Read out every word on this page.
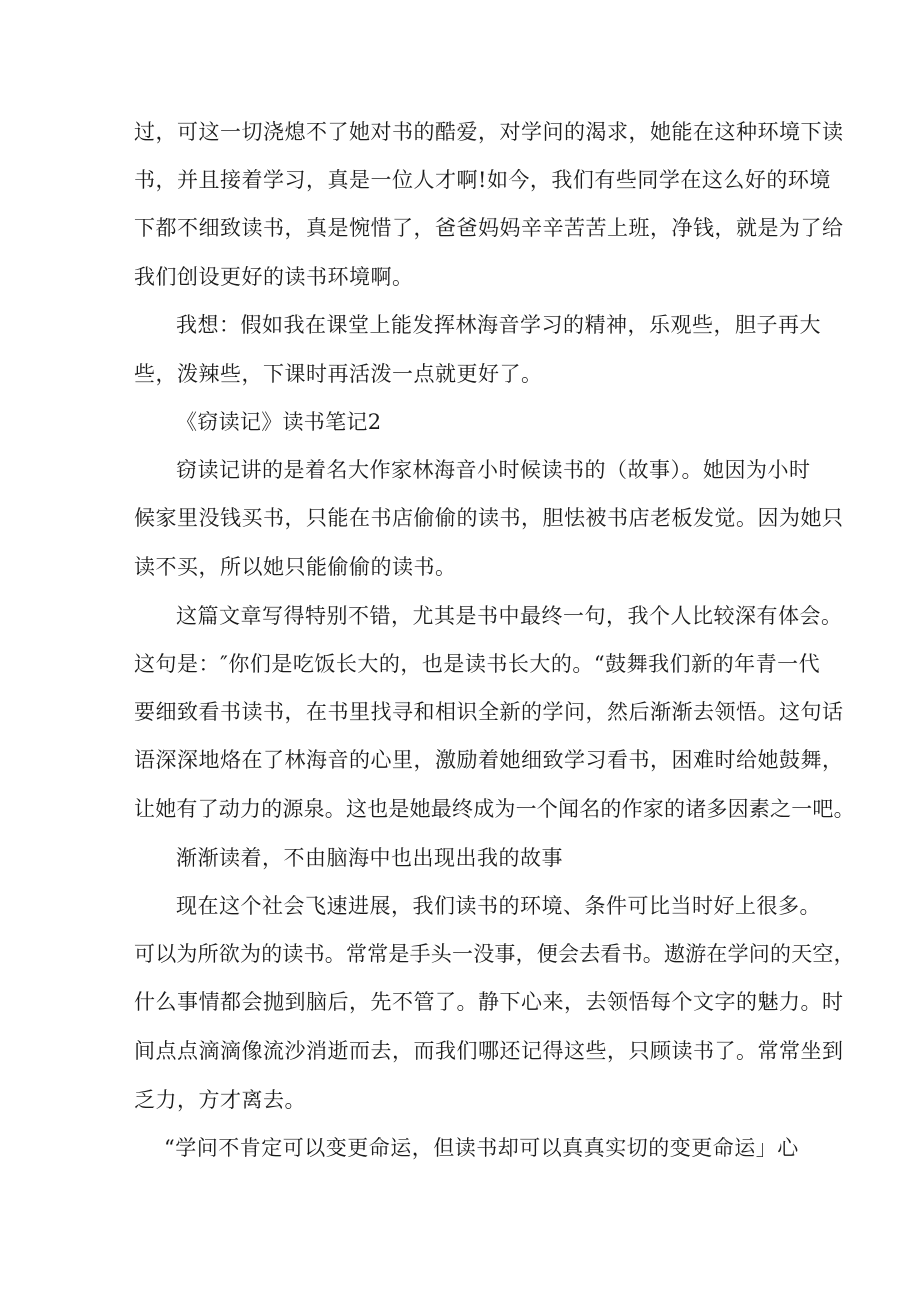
过，可这一切浇熄不了她对书的酷爱，对学问的渴求，她能在这种环境下读
书，并且接着学习，真是一位人才啊!如今，我们有些同学在这么好的环境
下都不细致读书，真是惋惜了，爸爸妈妈辛辛苦苦上班，净钱，就是为了给
我们创设更好的读书环境啊。
我想：假如我在课堂上能发挥林海音学习的精神，乐观些，胆子再大
些，泼辣些，下课时再活泼一点就更好了。
《窃读记》读书笔记2
窃读记讲的是着名大作家林海音小时候读书的（故事）。她因为小时
候家里没钱买书，只能在书店偷偷的读书，胆怯被书店老板发觉。因为她只
读不买，所以她只能偷偷的读书。
这篇文章写得特别不错，尤其是书中最终一句，我个人比较深有体会。
这句是：″你们是吃饭长大的，也是读书长大的。“鼓舞我们新的年青一代
要细致看书读书，在书里找寻和相识全新的学问，然后渐渐去领悟。这句话
语深深地烙在了林海音的心里，激励着她细致学习看书，困难时给她鼓舞，
让她有了动力的源泉。这也是她最终成为一个闻名的作家的诸多因素之一吧。
渐渐读着，不由脑海中也出现出我的故事
现在这个社会飞速进展，我们读书的环境、条件可比当时好上很多。
可以为所欲为的读书。常常是手头一没事，便会去看书。遨游在学问的天空，
什么事情都会抛到脑后，先不管了。静下心来，去领悟每个文字的魅力。时
间点点滴滴像流沙消逝而去，而我们哪还记得这些，只顾读书了。常常坐到
乏力，方才离去。
“学问不肯定可以变更命运，但读书却可以真真实切的变更命运」心
